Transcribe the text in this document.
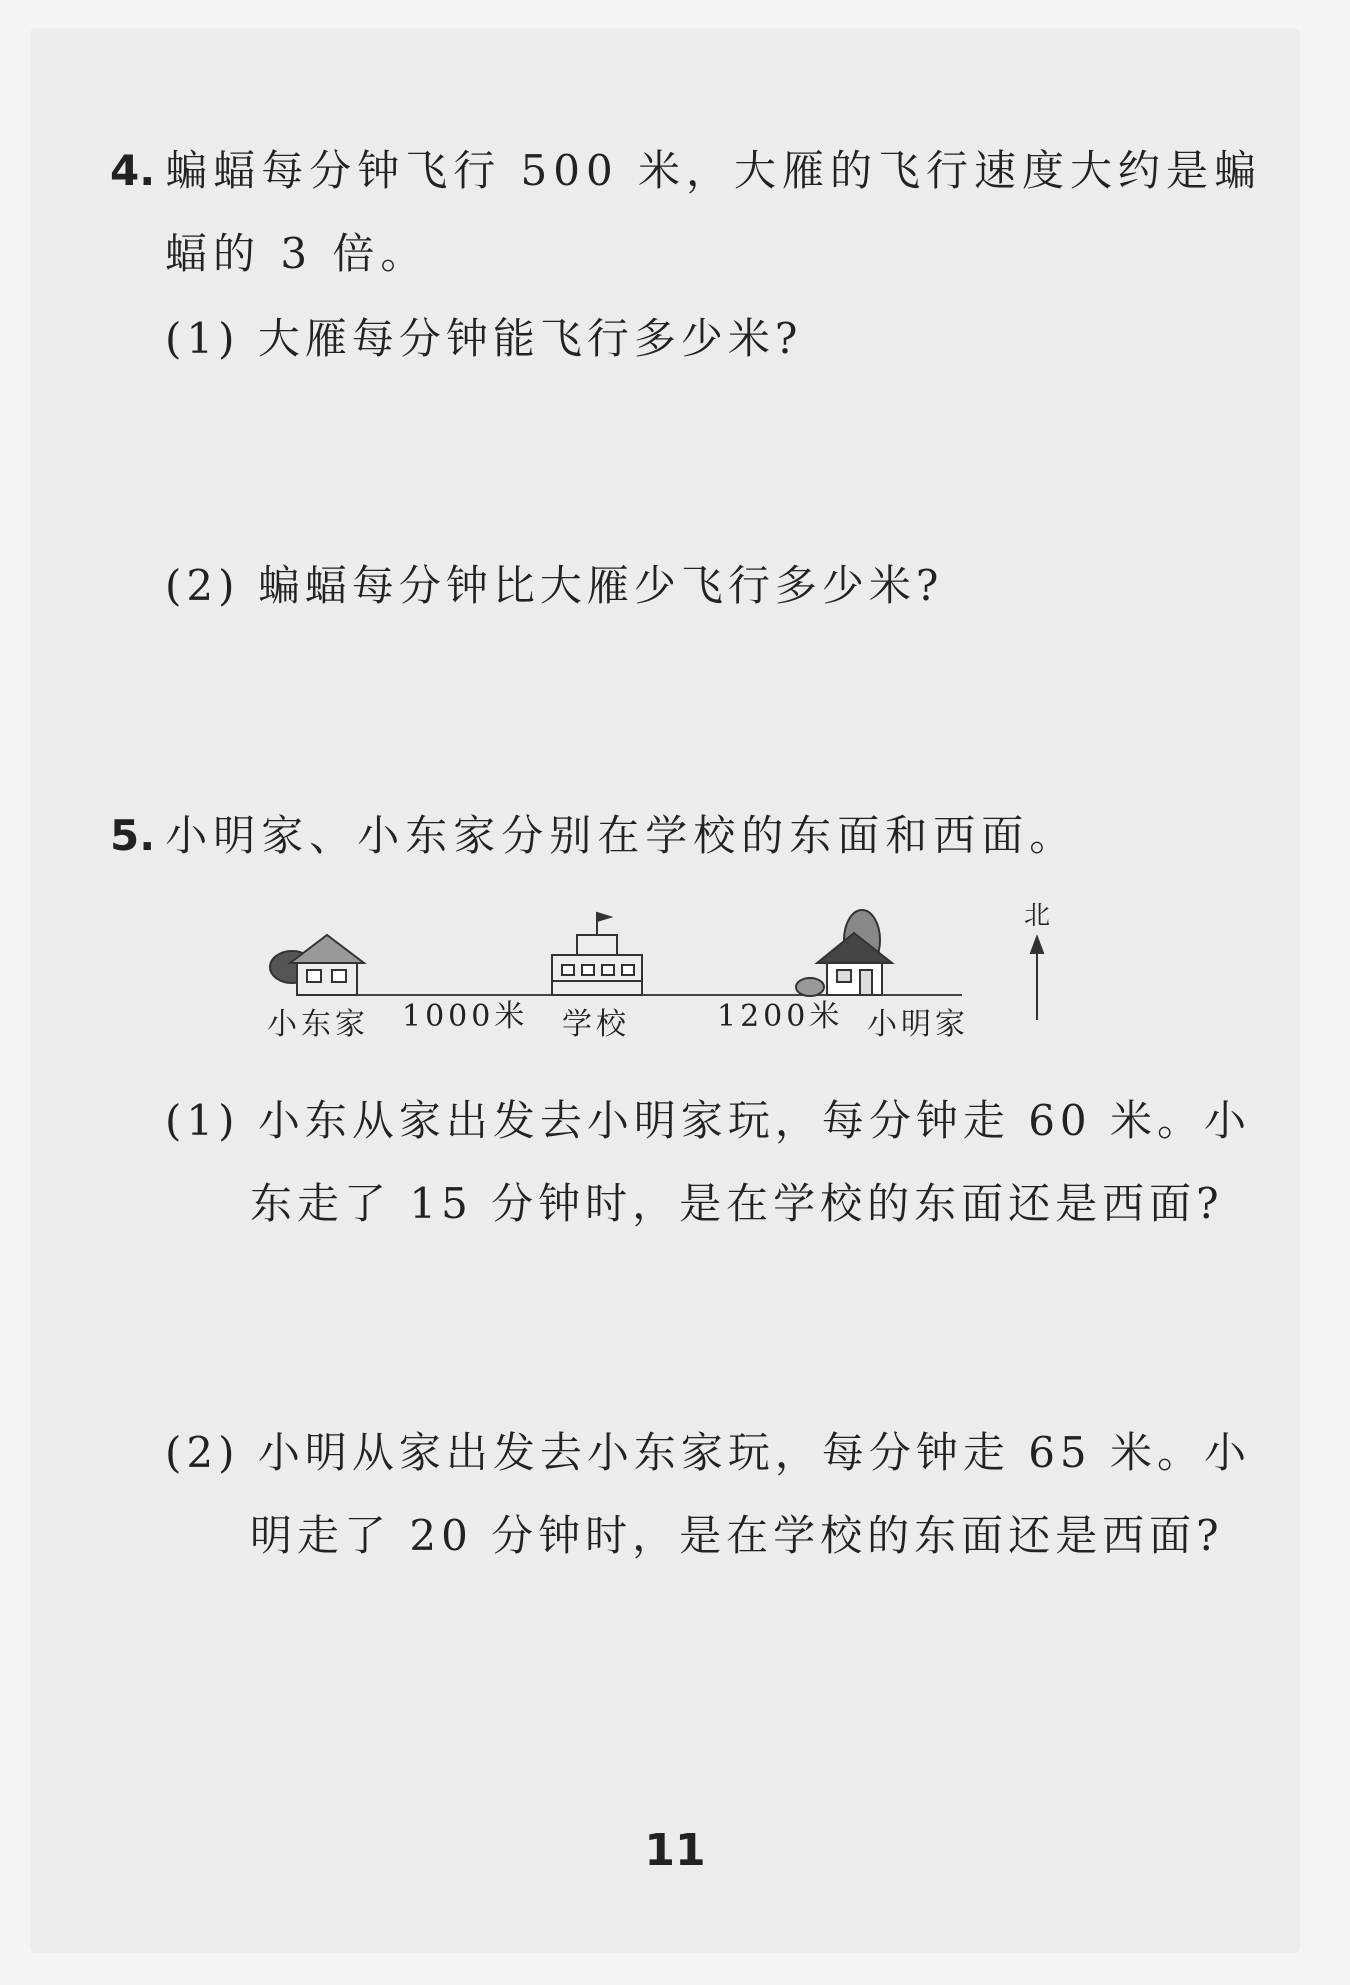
4. 蝙蝠每分钟飞行 500 米，大雁的飞行速度大约是蝙
蝠的 3 倍。
(1) 大雁每分钟能飞行多少米?
(2) 蝙蝠每分钟比大雁少飞行多少米?
5. 小明家、小东家分别在学校的东面和西面。
北
小东家 1000米 学校	1200米 小明家
(1) 小东从家出发去小明家玩，每分钟走 60 米。小
东走了 15 分钟时，是在学校的东面还是西面?
(2) 小明从家出发去小东家玩，每分钟走 65 米。小
明走了 20 分钟时，是在学校的东面还是西面?
11
